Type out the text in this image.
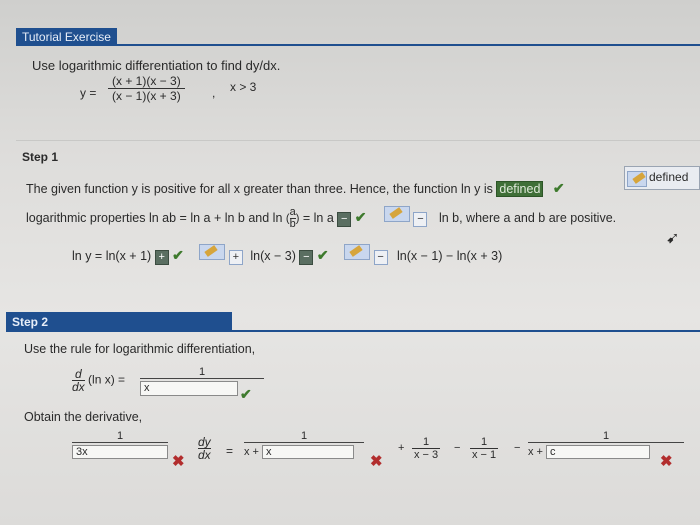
Tutorial Exercise
Use logarithmic differentiation to find dy/dx.
$y = \frac{(x + 1)(x - 3)}{(x - 1)(x + 3)}$ , x > 3
Step 1
The given function y is positive for all x greater than three. Hence, the function ln y is defined ✔
defined
logarithmic properties ln ab = ln a + ln b and ln ( $\frac{a}{b}$ ) = ln a − ✔	− ln b, where a and b are positive.
➹
ln y = ln(x + 1) + ✔	+ ln(x − 3) − ✔	− ln(x − 1) − ln(x + 3)
Step 2
Use the rule for logarithmic differentiation,
$\frac{d}{dx} (\ln$ $x) = \frac{1}{x}$
✔
Obtain the derivative,
$\frac{1}{3x}$
✖
dy
dx =
1
x + x
✖
+ $\frac{1}{x - 3} - \frac{1}{x - 1}$ −
1
x + c
✖
